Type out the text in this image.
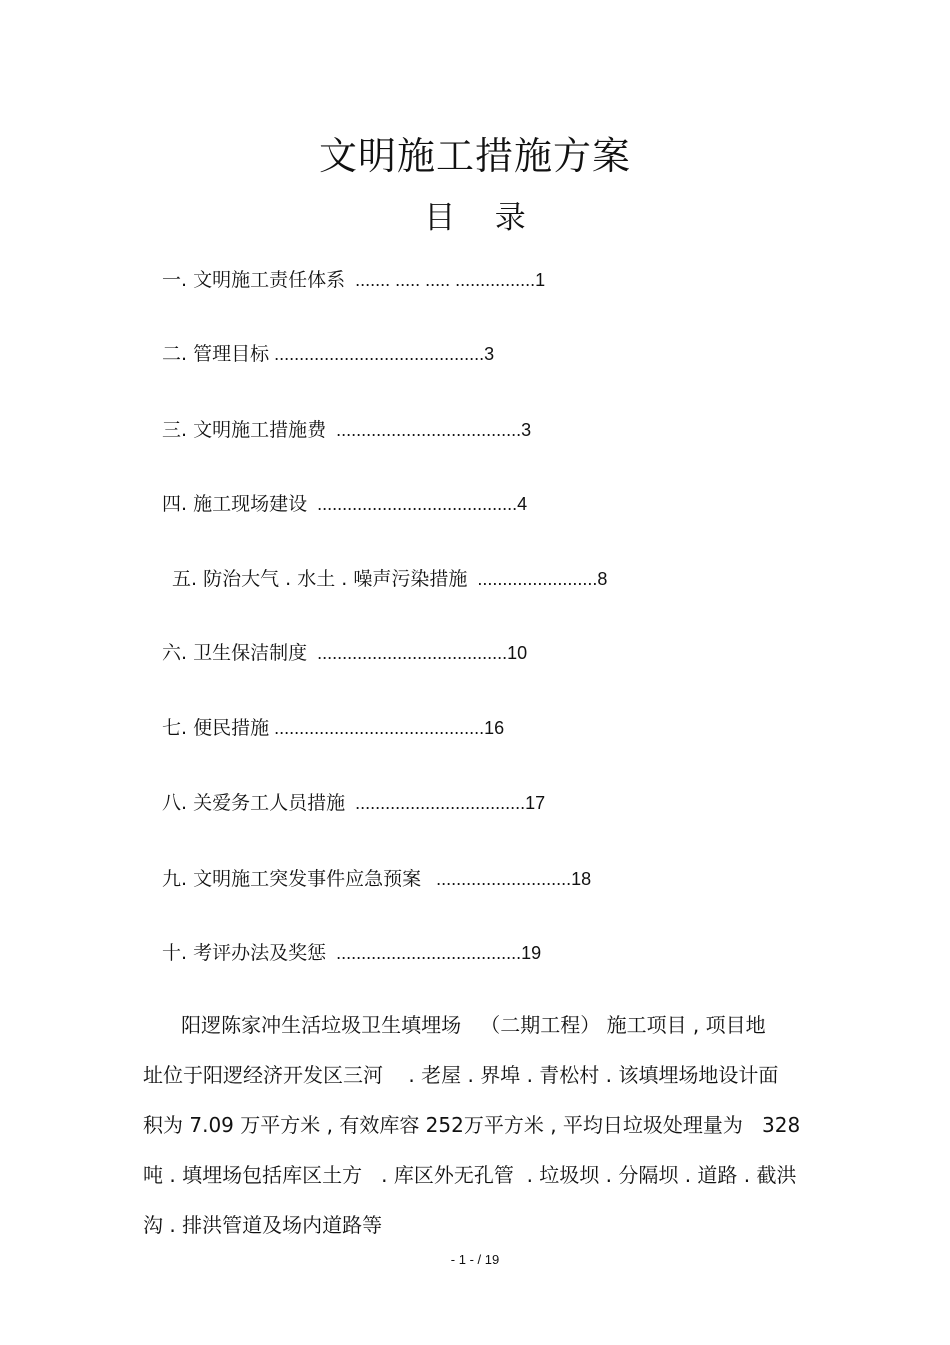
文明施工措施方案
目    录
一. 文明施工责任体系  ....... ..... ..... ................1
二. 管理目标 ..........................................3
三. 文明施工措施费  .....................................3
四. 施工现场建设  ........................................4
五. 防治大气 . 水土 . 噪声污染措施  ........................8
六. 卫生保洁制度  ......................................10
七. 便民措施 ..........................................16
八. 关爱务工人员措施  ..................................17
九. 文明施工突发事件应急预案   ...........................18
十. 考评办法及奖惩  .....................................19

阳逻陈家冲生活垃圾卫生填埋场   （二期工程） 施工项目 , 项目地
址位于阳逻经济开发区三河    . 老屋 . 界埠 . 青松村 . 该填埋场地设计面
积为 7.09 万平方米 , 有效库容 252万平方米 , 平均日垃圾处理量为   328
吨 . 填埋场包括库区土方   . 库区外无孔管  . 垃圾坝 . 分隔坝 . 道路 . 截洪
沟 . 排洪管道及场内道路等

- 1 - / 19
